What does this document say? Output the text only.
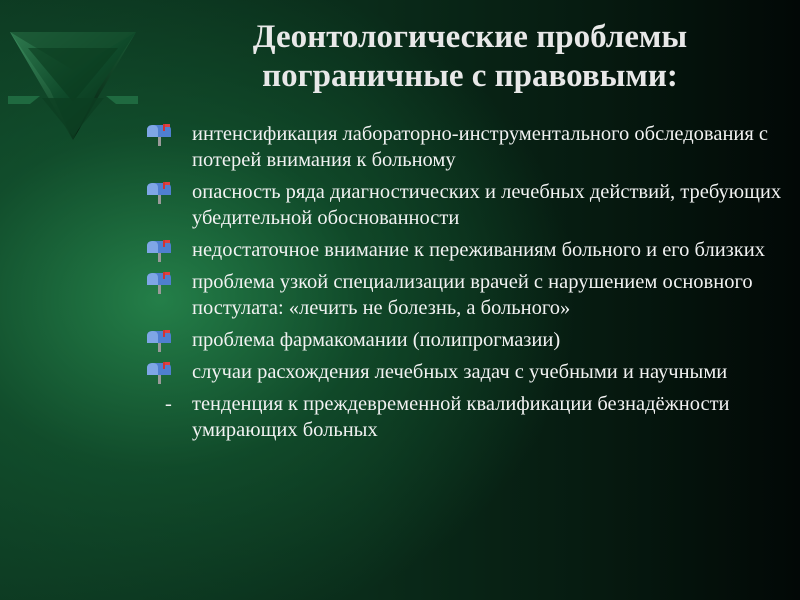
Деонтологические проблемы
пограничные с правовыми:
интенсификация лабораторно-инструментального обследования с потерей внимания к больному
опасность ряда диагностических и лечебных действий, требующих убедительной обоснованности
недостаточное внимание к переживаниям больного и его близких
проблема узкой специализации врачей с нарушением основного постулата: «лечить не болезнь, а больного»
проблема фармакомании (полипрогмазии)
случаи расхождения лечебных задач с учебными и научными
- тенденция к преждевременной квалификации безнадёжности умирающих больных
